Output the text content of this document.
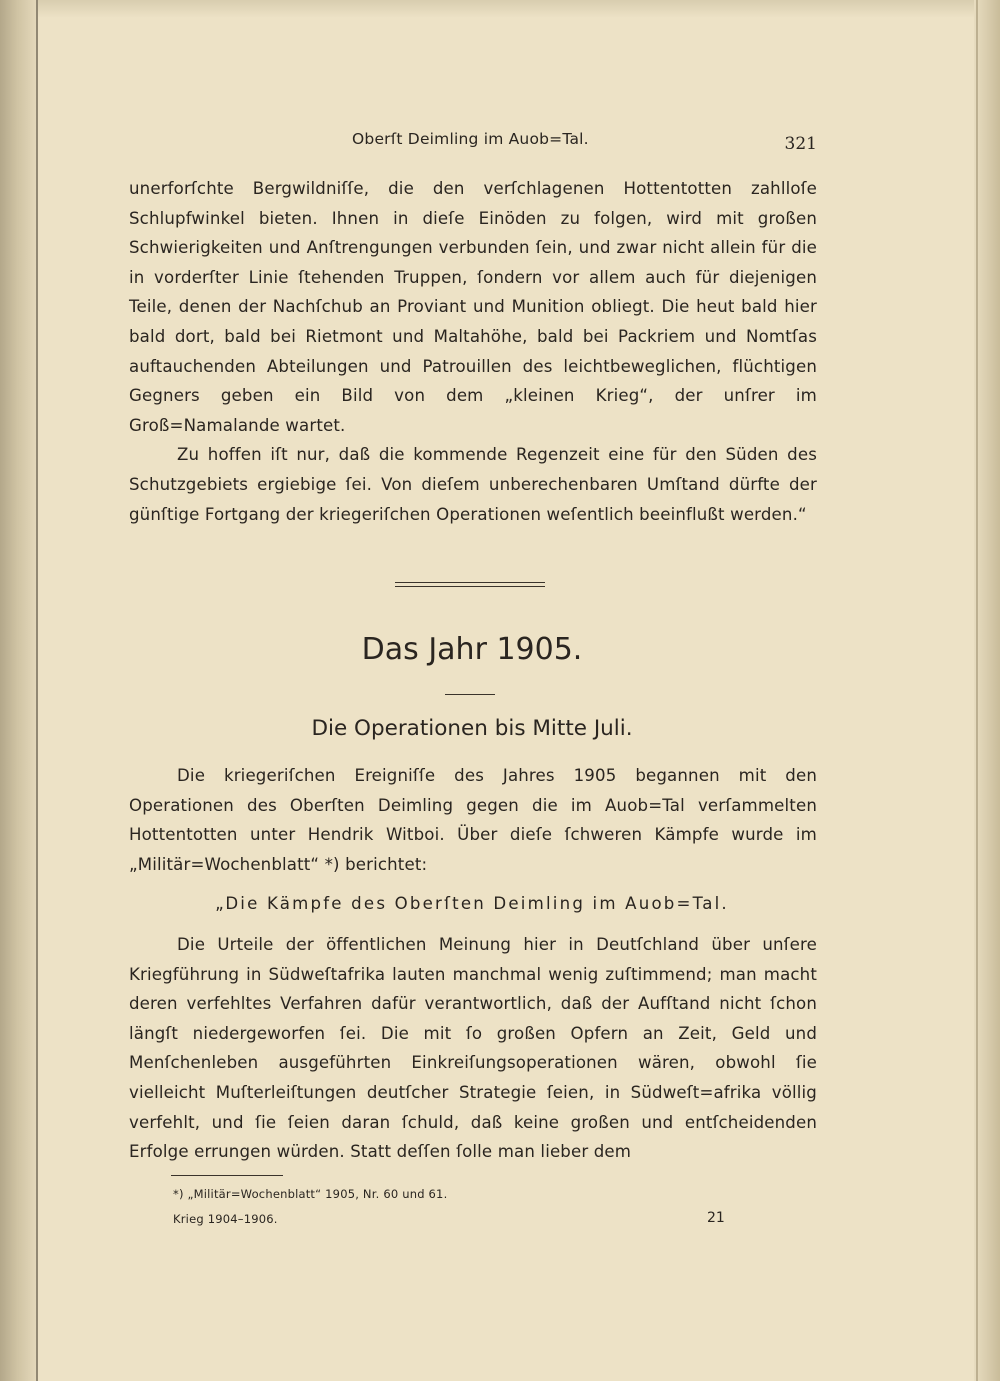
Oberſt Deimling im Auob=Tal.	321

unerforſchte Bergwildniſſe, die den verſchlagenen Hottentotten zahlloſe Schlupfwinkel bieten. Ihnen in dieſe Einöden zu folgen, wird mit großen Schwierigkeiten und Anſtrengungen verbunden ſein, und zwar nicht allein für die in vorderſter Linie ſtehenden Truppen, ſondern vor allem auch für diejenigen Teile, denen der Nachſchub an Proviant und Munition obliegt. Die heut bald hier bald dort, bald bei Rietmont und Maltahöhe, bald bei Packriem und Nomtſas auftauchenden Abteilungen und Patrouillen des leichtbeweglichen, flüchtigen Gegners geben ein Bild von dem „kleinen Krieg“, der unſrer im Groß=Namalande wartet.

Zu hoffen iſt nur, daß die kommende Regenzeit eine für den Süden des Schutzgebiets ergiebige ſei. Von dieſem unberechenbaren Umſtand dürfte der günſtige Fortgang der kriegeriſchen Operationen weſentlich beeinflußt werden.“

Das Jahr 1905.
Die Operationen bis Mitte Juli.

Die kriegeriſchen Ereigniſſe des Jahres 1905 begannen mit den Operationen des Oberſten Deimling gegen die im Auob=Tal verſammelten Hottentotten unter Hendrik Witboi. Über dieſe ſchweren Kämpfe wurde im „Militär=Wochenblatt“ *) berichtet:

„Die Kämpfe des Oberſten Deimling im Auob=Tal.

Die Urteile der öffentlichen Meinung hier in Deutſchland über unſere Kriegführung in Südweſtafrika lauten manchmal wenig zuſtimmend; man macht deren verfehltes Verfahren dafür verantwortlich, daß der Aufſtand nicht ſchon längſt niedergeworfen ſei. Die mit ſo großen Opfern an Zeit, Geld und Menſchenleben ausgeführten Einkreiſungsoperationen wären, obwohl ſie vielleicht Muſterleiſtungen deutſcher Strategie ſeien, in Südweſt=afrika völlig verfehlt, und ſie ſeien daran ſchuld, daß keine großen und entſcheidenden Erfolge errungen würden. Statt deſſen ſolle man lieber dem

*) „Militär=Wochenblatt“ 1905, Nr. 60 und 61.
Krieg 1904–1906.	21
